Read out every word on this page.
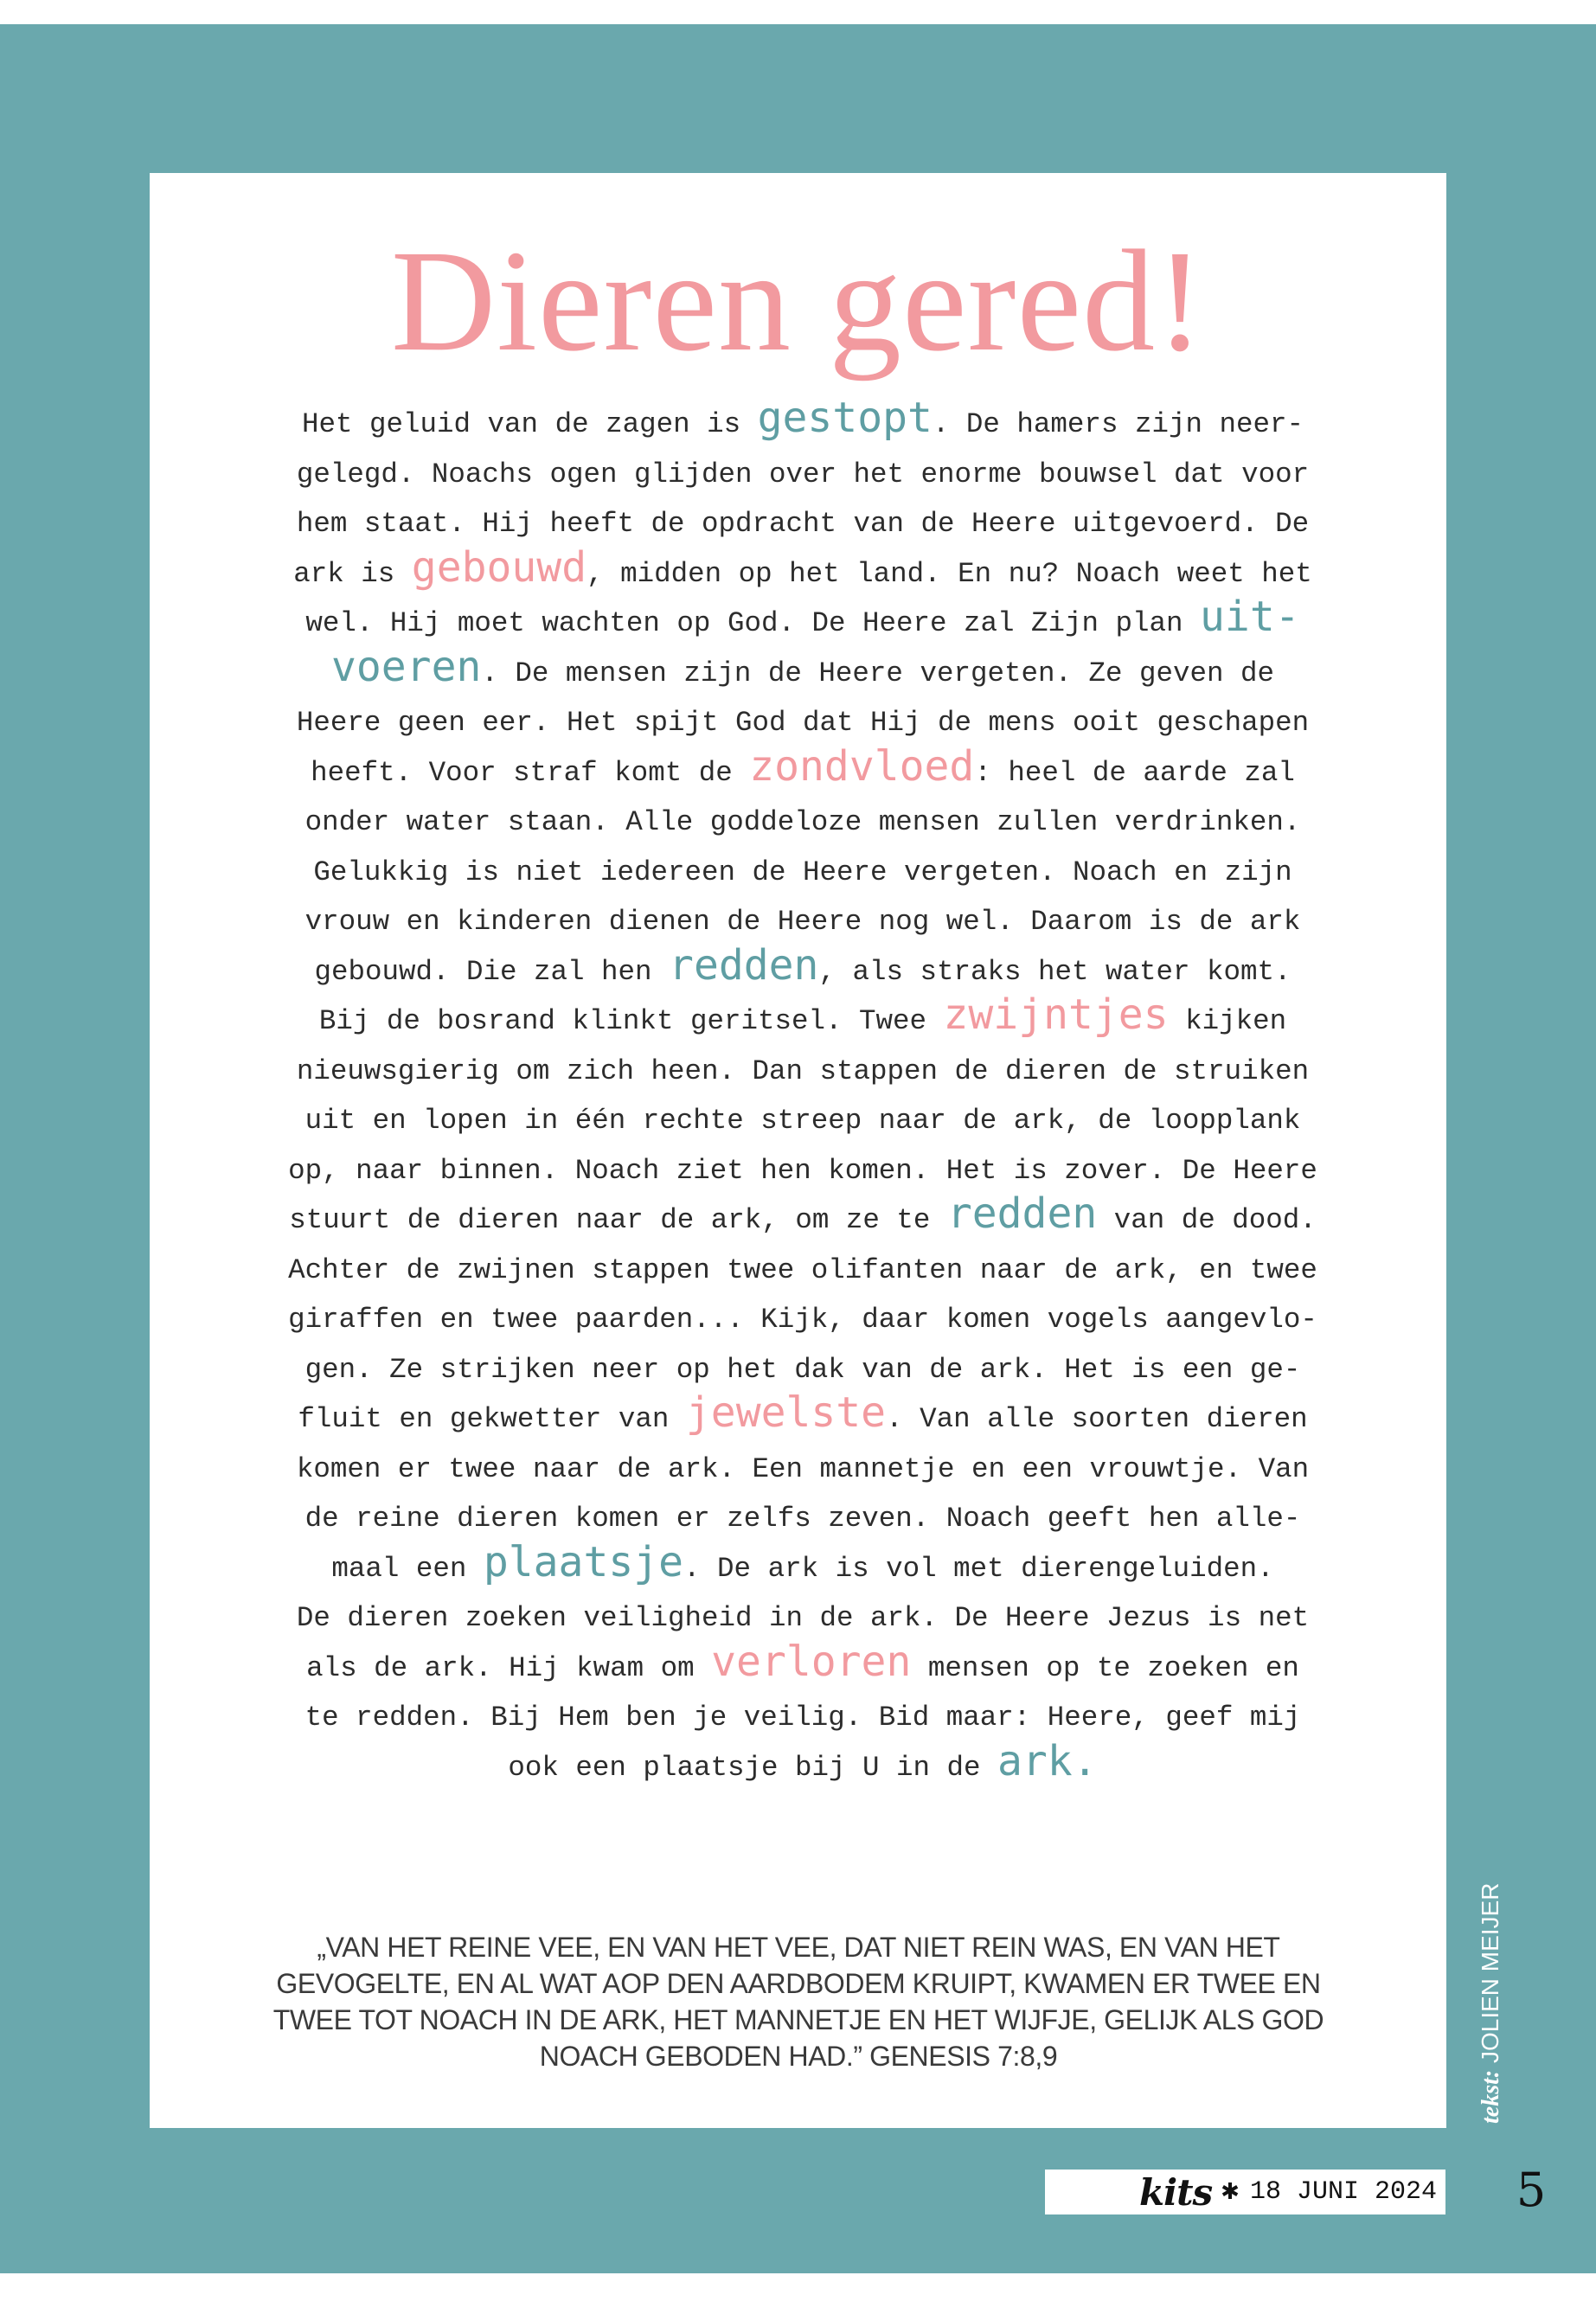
Dieren gered!
Het geluid van de zagen is gestopt. De hamers zijn neer-
gelegd. Noachs ogen glijden over het enorme bouwsel dat voor
hem staat. Hij heeft de opdracht van de Heere uitgevoerd. De
ark is gebouwd, midden op het land. En nu? Noach weet het
wel. Hij moet wachten op God. De Heere zal Zijn plan uit-
voeren. De mensen zijn de Heere vergeten. Ze geven de
Heere geen eer. Het spijt God dat Hij de mens ooit geschapen
heeft. Voor straf komt de zondvloed: heel de aarde zal
onder water staan. Alle goddeloze mensen zullen verdrinken.
Gelukkig is niet iedereen de Heere vergeten. Noach en zijn
vrouw en kinderen dienen de Heere nog wel. Daarom is de ark
gebouwd. Die zal hen redden, als straks het water komt.
Bij de bosrand klinkt geritsel. Twee zwijntjes kijken
nieuwsgierig om zich heen. Dan stappen de dieren de struiken
uit en lopen in één rechte streep naar de ark, de loopplank
op, naar binnen. Noach ziet hen komen. Het is zover. De Heere
stuurt de dieren naar de ark, om ze te redden van de dood.
Achter de zwijnen stappen twee olifanten naar de ark, en twee
giraffen en twee paarden... Kijk, daar komen vogels aangevlo-
gen. Ze strijken neer op het dak van de ark. Het is een ge-
fluit en gekwetter van jewelste. Van alle soorten dieren
komen er twee naar de ark. Een mannetje en een vrouwtje. Van
de reine dieren komen er zelfs zeven. Noach geeft hen alle-
maal een plaatsje. De ark is vol met dierengeluiden.
De dieren zoeken veiligheid in de ark. De Heere Jezus is net
als de ark. Hij kwam om verloren mensen op te zoeken en
te redden. Bij Hem ben je veilig. Bid maar: Heere, geef mij
ook een plaatsje bij U in de ark.
„VAN HET REINE VEE, EN VAN HET VEE, DAT NIET REIN WAS, EN VAN HET GEVOGELTE, EN AL WAT AOP DEN AARDBODEM KRUIPT, KWAMEN ER TWEE EN TWEE TOT NOACH IN DE ARK, HET MANNETJE EN HET WIJFJE, GELIJK ALS GOD NOACH GEBODEN HAD.” GENESIS 7:8,9
tekst: JOLIEN MEIJER
kits ✱ 18 JUNI 2024 5
